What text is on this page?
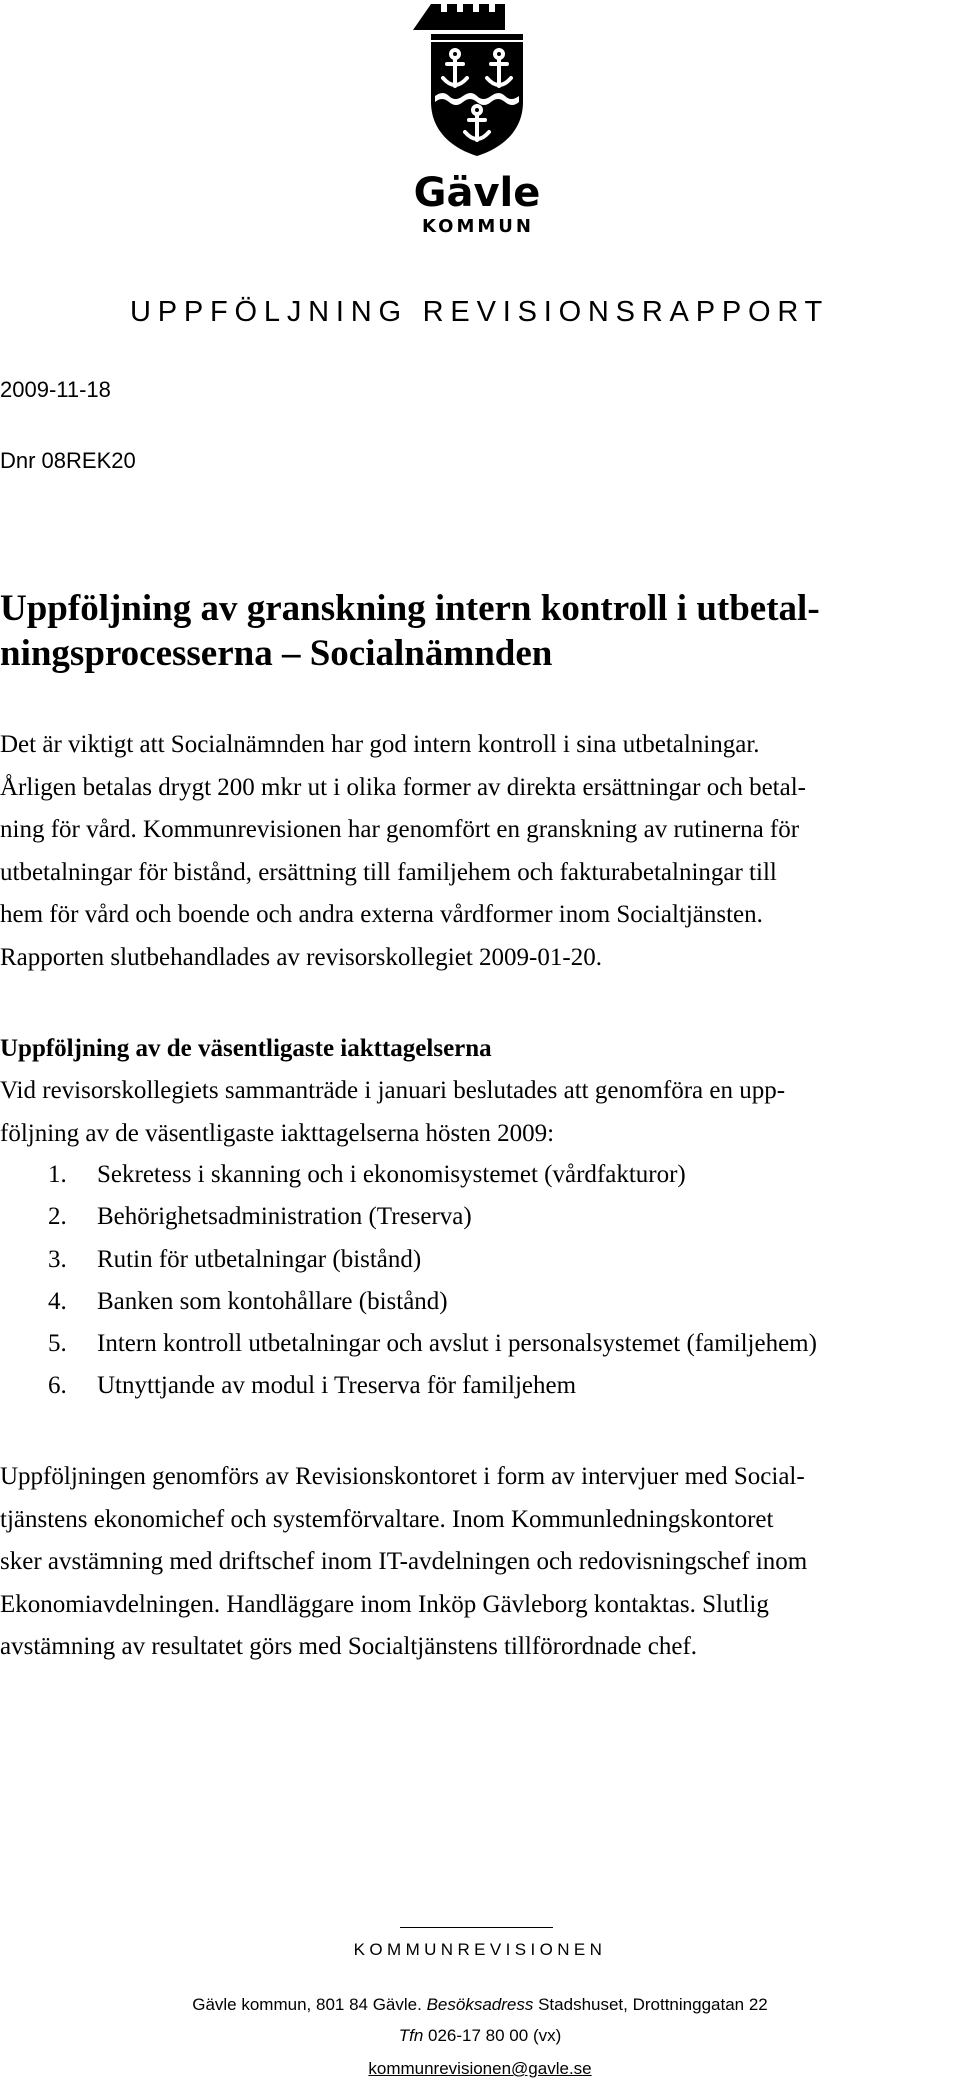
Gävle
KOMMUN
UPPFÖLJNING REVISIONSRAPPORT
2009-11-18
Dnr 08REK20
Uppföljning av granskning intern kontroll i utbetal-
ningsprocesserna – Socialnämnden

Det är viktigt att Socialnämnden har god intern kontroll i sina utbetalningar.
Årligen betalas drygt 200 mkr ut i olika former av direkta ersättningar och betal-
ning för vård. Kommunrevisionen har genomfört en granskning av rutinerna för
utbetalningar för bistånd, ersättning till familjehem och fakturabetalningar till
hem för vård och boende och andra externa vårdformer inom Socialtjänsten.
Rapporten slutbehandlades av revisorskollegiet 2009-01-20.

Uppföljning av de väsentligaste iakttagelserna

Vid revisorskollegiets sammanträde i januari beslutades att genomföra en upp-
följning av de väsentligaste iakttagelserna hösten 2009:

1. Sekretess i skanning och i ekonomisystemet (vårdfakturor)
2. Behörighetsadministration (Treserva)
3. Rutin för utbetalningar (bistånd)
4. Banken som kontohållare (bistånd)
5. Intern kontroll utbetalningar och avslut i personalsystemet (familjehem)
6. Utnyttjande av modul i Treserva för familjehem

Uppföljningen genomförs av Revisionskontoret i form av intervjuer med Social-
tjänstens ekonomichef och systemförvaltare. Inom Kommunledningskontoret
sker avstämning med driftschef inom IT-avdelningen och redovisningschef inom
Ekonomiavdelningen. Handläggare inom Inköp Gävleborg kontaktas. Slutlig
avstämning av resultatet görs med Socialtjänstens tillförordnade chef.

KOMMUNREVISIONEN
Gävle kommun, 801 84 Gävle. Besöksadress Stadshuset, Drottninggatan 22
Tfn 026-17 80 00 (vx)
kommunrevisionen@gavle.se
